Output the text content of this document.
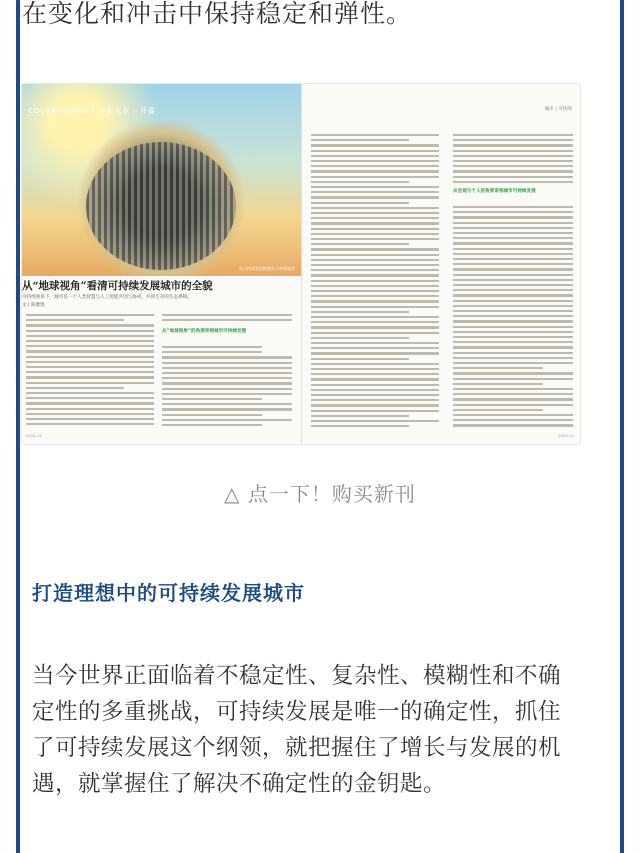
在变化和冲击中保持稳定和弹性。
COVER STORY | 封面文章 · 开篇
在可持续发展的视角下审视城市
从“地球视角”看清可持续发展城市的全貌
可持续视角下，城市是一个人类智慧与人工智能共创与协同，共同生存的生态系统。
文 | 陈雅凯
从“地球视角”的角度审视城市可持续发展
2024.12
城市 | 可持续
从宏观与个人的角度审视城市可持续发展
2024.12
△ 点一下！购买新刊
打造理想中的可持续发展城市
当今世界正面临着不稳定性、复杂性、模糊性和不确定性的多重挑战，可持续发展是唯一的确定性，抓住了可持续发展这个纲领，就把握住了增长与发展的机遇，就掌握住了解决不确定性的金钥匙。
